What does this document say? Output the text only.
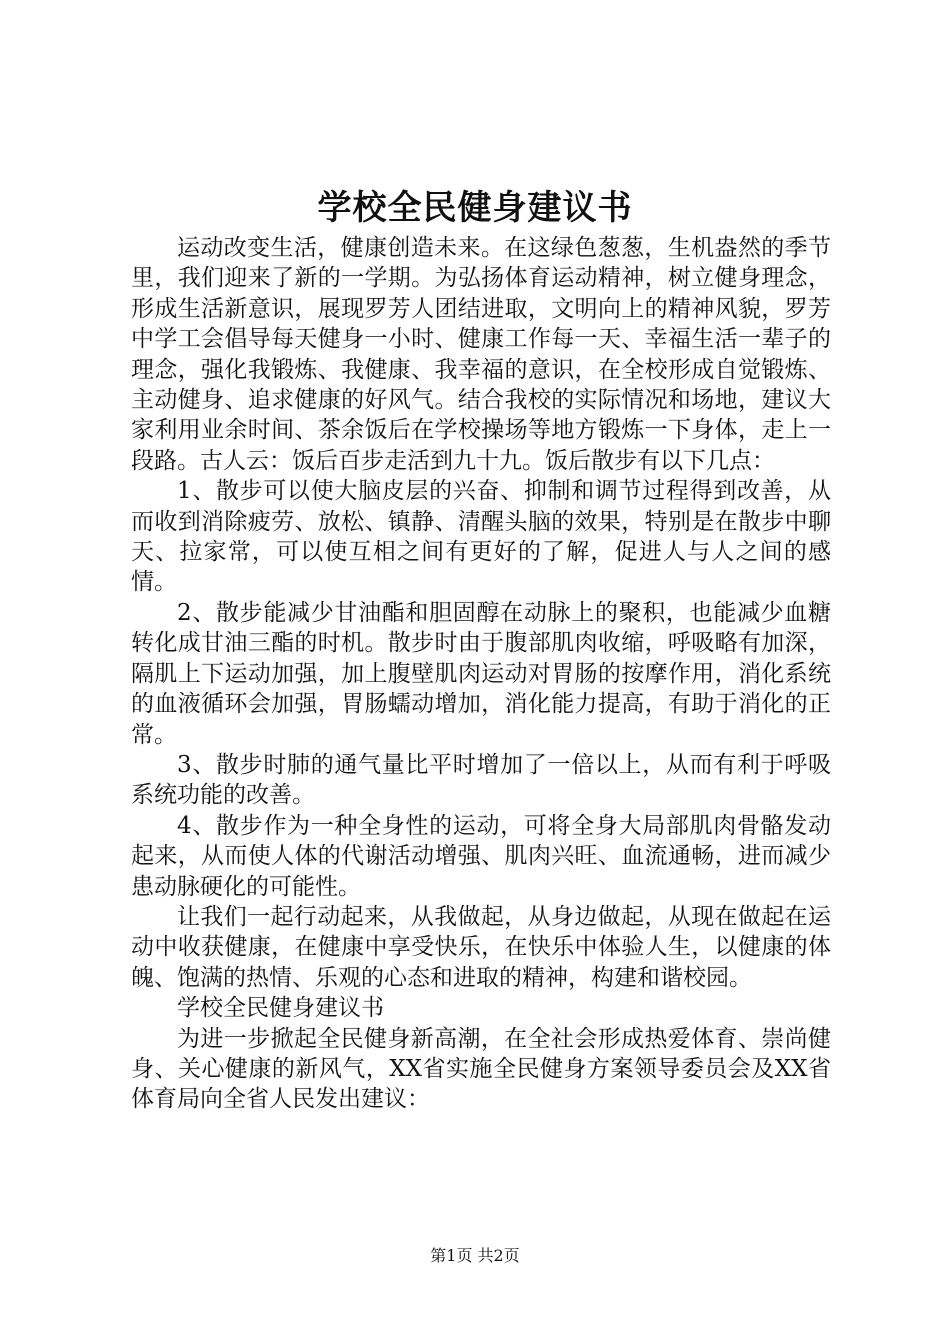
学校全民健身建议书

运动改变生活，健康创造未来。在这绿色葱葱，生机盎然的季节里，我们迎来了新的一学期。为弘扬体育运动精神，树立健身理念，形成生活新意识，展现罗芳人团结进取，文明向上的精神风貌，罗芳中学工会倡导每天健身一小时、健康工作每一天、幸福生活一辈子的理念，强化我锻炼、我健康、我幸福的意识，在全校形成自觉锻炼、主动健身、追求健康的好风气。结合我校的实际情况和场地，建议大家利用业余时间、茶余饭后在学校操场等地方锻炼一下身体，走上一段路。古人云：饭后百步走活到九十九。饭后散步有以下几点：

1、散步可以使大脑皮层的兴奋、抑制和调节过程得到改善，从而收到消除疲劳、放松、镇静、清醒头脑的效果，特别是在散步中聊天、拉家常，可以使互相之间有更好的了解，促进人与人之间的感情。

2、散步能减少甘油酯和胆固醇在动脉上的聚积，也能减少血糖转化成甘油三酯的时机。散步时由于腹部肌肉收缩，呼吸略有加深，隔肌上下运动加强，加上腹壁肌肉运动对胃肠的按摩作用，消化系统的血液循环会加强，胃肠蠕动增加，消化能力提高，有助于消化的正常。

3、散步时肺的通气量比平时增加了一倍以上，从而有利于呼吸系统功能的改善。

4、散步作为一种全身性的运动，可将全身大局部肌肉骨骼发动起来，从而使人体的代谢活动增强、肌肉兴旺、血流通畅，进而减少患动脉硬化的可能性。

让我们一起行动起来，从我做起，从身边做起，从现在做起在运动中收获健康，在健康中享受快乐，在快乐中体验人生，以健康的体魄、饱满的热情、乐观的心态和进取的精神，构建和谐校园。

学校全民健身建议书

为进一步掀起全民健身新高潮，在全社会形成热爱体育、崇尚健身、关心健康的新风气，XX省实施全民健身方案领导委员会及XX省体育局向全省人民发出建议：

第1页 共2页
